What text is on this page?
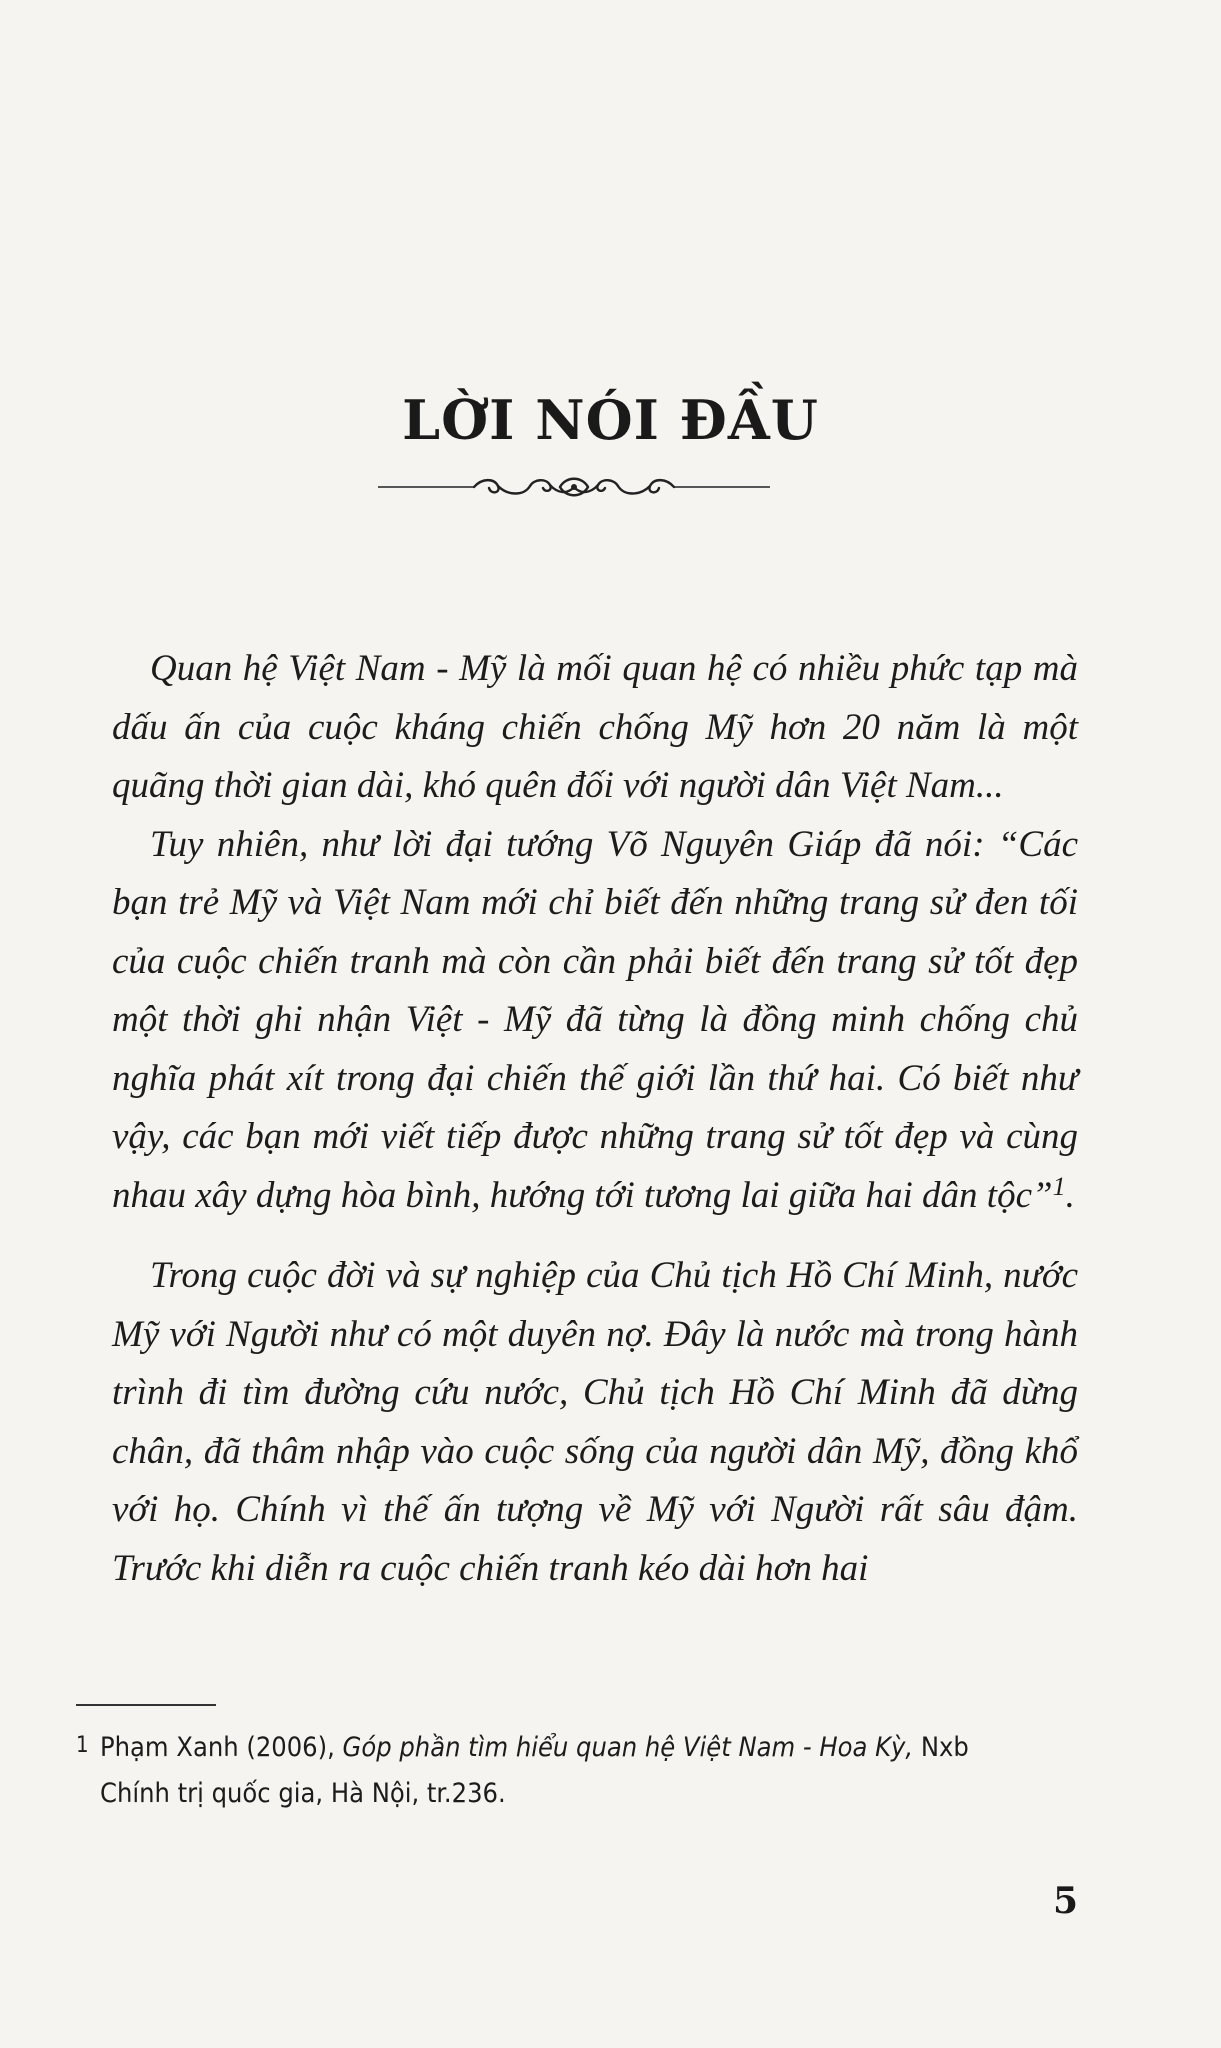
LỜI NÓI ĐẦU

Quan hệ Việt Nam - Mỹ là mối quan hệ có nhiều phức tạp mà dấu ấn của cuộc kháng chiến chống Mỹ hơn 20 năm là một quãng thời gian dài, khó quên đối với người dân Việt Nam...

Tuy nhiên, như lời đại tướng Võ Nguyên Giáp đã nói: “Các bạn trẻ Mỹ và Việt Nam mới chỉ biết đến những trang sử đen tối của cuộc chiến tranh mà còn cần phải biết đến trang sử tốt đẹp một thời ghi nhận Việt - Mỹ đã từng là đồng minh chống chủ nghĩa phát xít trong đại chiến thế giới lần thứ hai. Có biết như vậy, các bạn mới viết tiếp được những trang sử tốt đẹp và cùng nhau xây dựng hòa bình, hướng tới tương lai giữa hai dân tộc”$^1$.

Trong cuộc đời và sự nghiệp của Chủ tịch Hồ Chí Minh, nước Mỹ với Người như có một duyên nợ. Đây là nước mà trong hành trình đi tìm đường cứu nước, Chủ tịch Hồ Chí Minh đã dừng chân, đã thâm nhập vào cuộc sống của người dân Mỹ, đồng khổ với họ. Chính vì thế ấn tượng về Mỹ với Người rất sâu đậm. Trước khi diễn ra cuộc chiến tranh kéo dài hơn hai

1 Phạm Xanh (2006), Góp phần tìm hiểu quan hệ Việt Nam - Hoa Kỳ, Nxb
Chính trị quốc gia, Hà Nội, tr.236.
5
